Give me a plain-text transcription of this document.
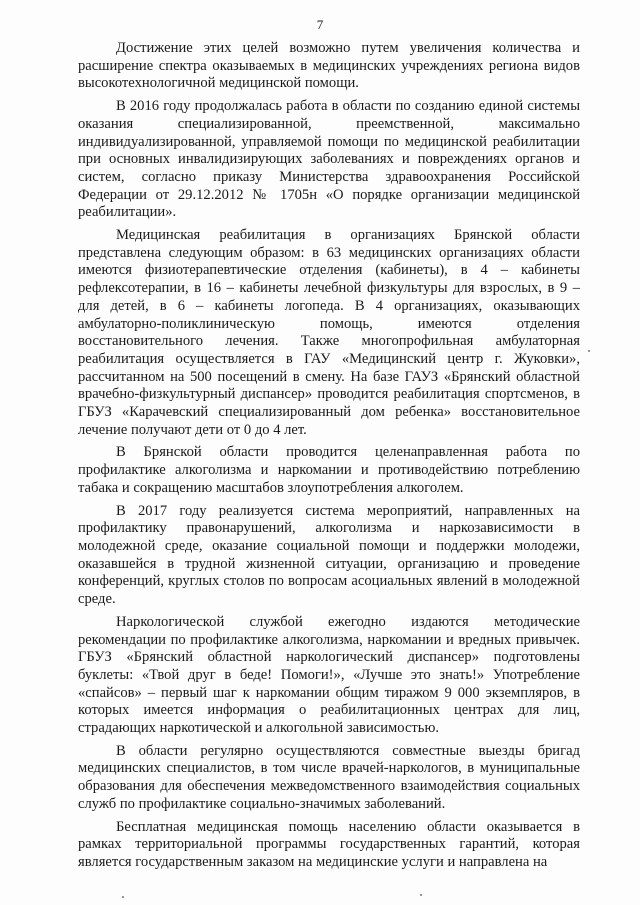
7

Достижение этих целей возможно путем увеличения количества и расширение спектра оказываемых в медицинских учреждениях региона видов высокотехнологичной медицинской помощи.

В 2016 году продолжалась работа в области по созданию единой системы оказания специализированной, преемственной, максимально индивидуализированной, управляемой помощи по медицинской реабилитации при основных инвалидизирующих заболеваниях и повреждениях органов и систем, согласно приказу Министерства здравоохранения Российской Федерации от 29.12.2012 № 1705н «О порядке организации медицинской реабилитации».

Медицинская реабилитация в организациях Брянской области представлена следующим образом: в 63 медицинских организациях области имеются физиотерапевтические отделения (кабинеты), в 4 – кабинеты рефлексотерапии, в 16 – кабинеты лечебной физкультуры для взрослых, в 9 – для детей, в 6 – кабинеты логопеда. В 4 организациях, оказывающих амбулаторно-поликлиническую помощь, имеются отделения восстановительного лечения. Также многопрофильная амбулаторная реабилитация осуществляется в ГАУ «Медицинский центр г. Жуковки», рассчитанном на 500 посещений в смену. На базе ГАУЗ «Брянский областной врачебно-физкультурный диспансер» проводится реабилитация спортсменов, в ГБУЗ «Карачевский специализированный дом ребенка» восстановительное лечение получают дети от 0 до 4 лет.

В Брянской области проводится целенаправленная работа по профилактике алкоголизма и наркомании и противодействию потреблению табака и сокращению масштабов злоупотребления алкоголем.

В 2017 году реализуется система мероприятий, направленных на профилактику правонарушений, алкоголизма и наркозависимости в молодежной среде, оказание социальной помощи и поддержки молодежи, оказавшейся в трудной жизненной ситуации, организацию и проведение конференций, круглых столов по вопросам асоциальных явлений в молодежной среде.

Наркологической службой ежегодно издаются методические рекомендации по профилактике алкоголизма, наркомании и вредных привычек. ГБУЗ «Брянский областной наркологический диспансер» подготовлены буклеты: «Твой друг в беде! Помоги!», «Лучше это знать!» Употребление «спайсов» – первый шаг к наркомании общим тиражом 9 000 экземпляров, в которых имеется информация о реабилитационных центрах для лиц, страдающих наркотической и алкогольной зависимостью.

В области регулярно осуществляются совместные выезды бригад медицинских специалистов, в том числе врачей-наркологов, в муниципальные образования для обеспечения межведомственного взаимодействия социальных служб по профилактике социально-значимых заболеваний.

Бесплатная медицинская помощь населению области оказывается в рамках территориальной программы государственных гарантий, которая является государственным заказом на медицинские услуги и направлена на
